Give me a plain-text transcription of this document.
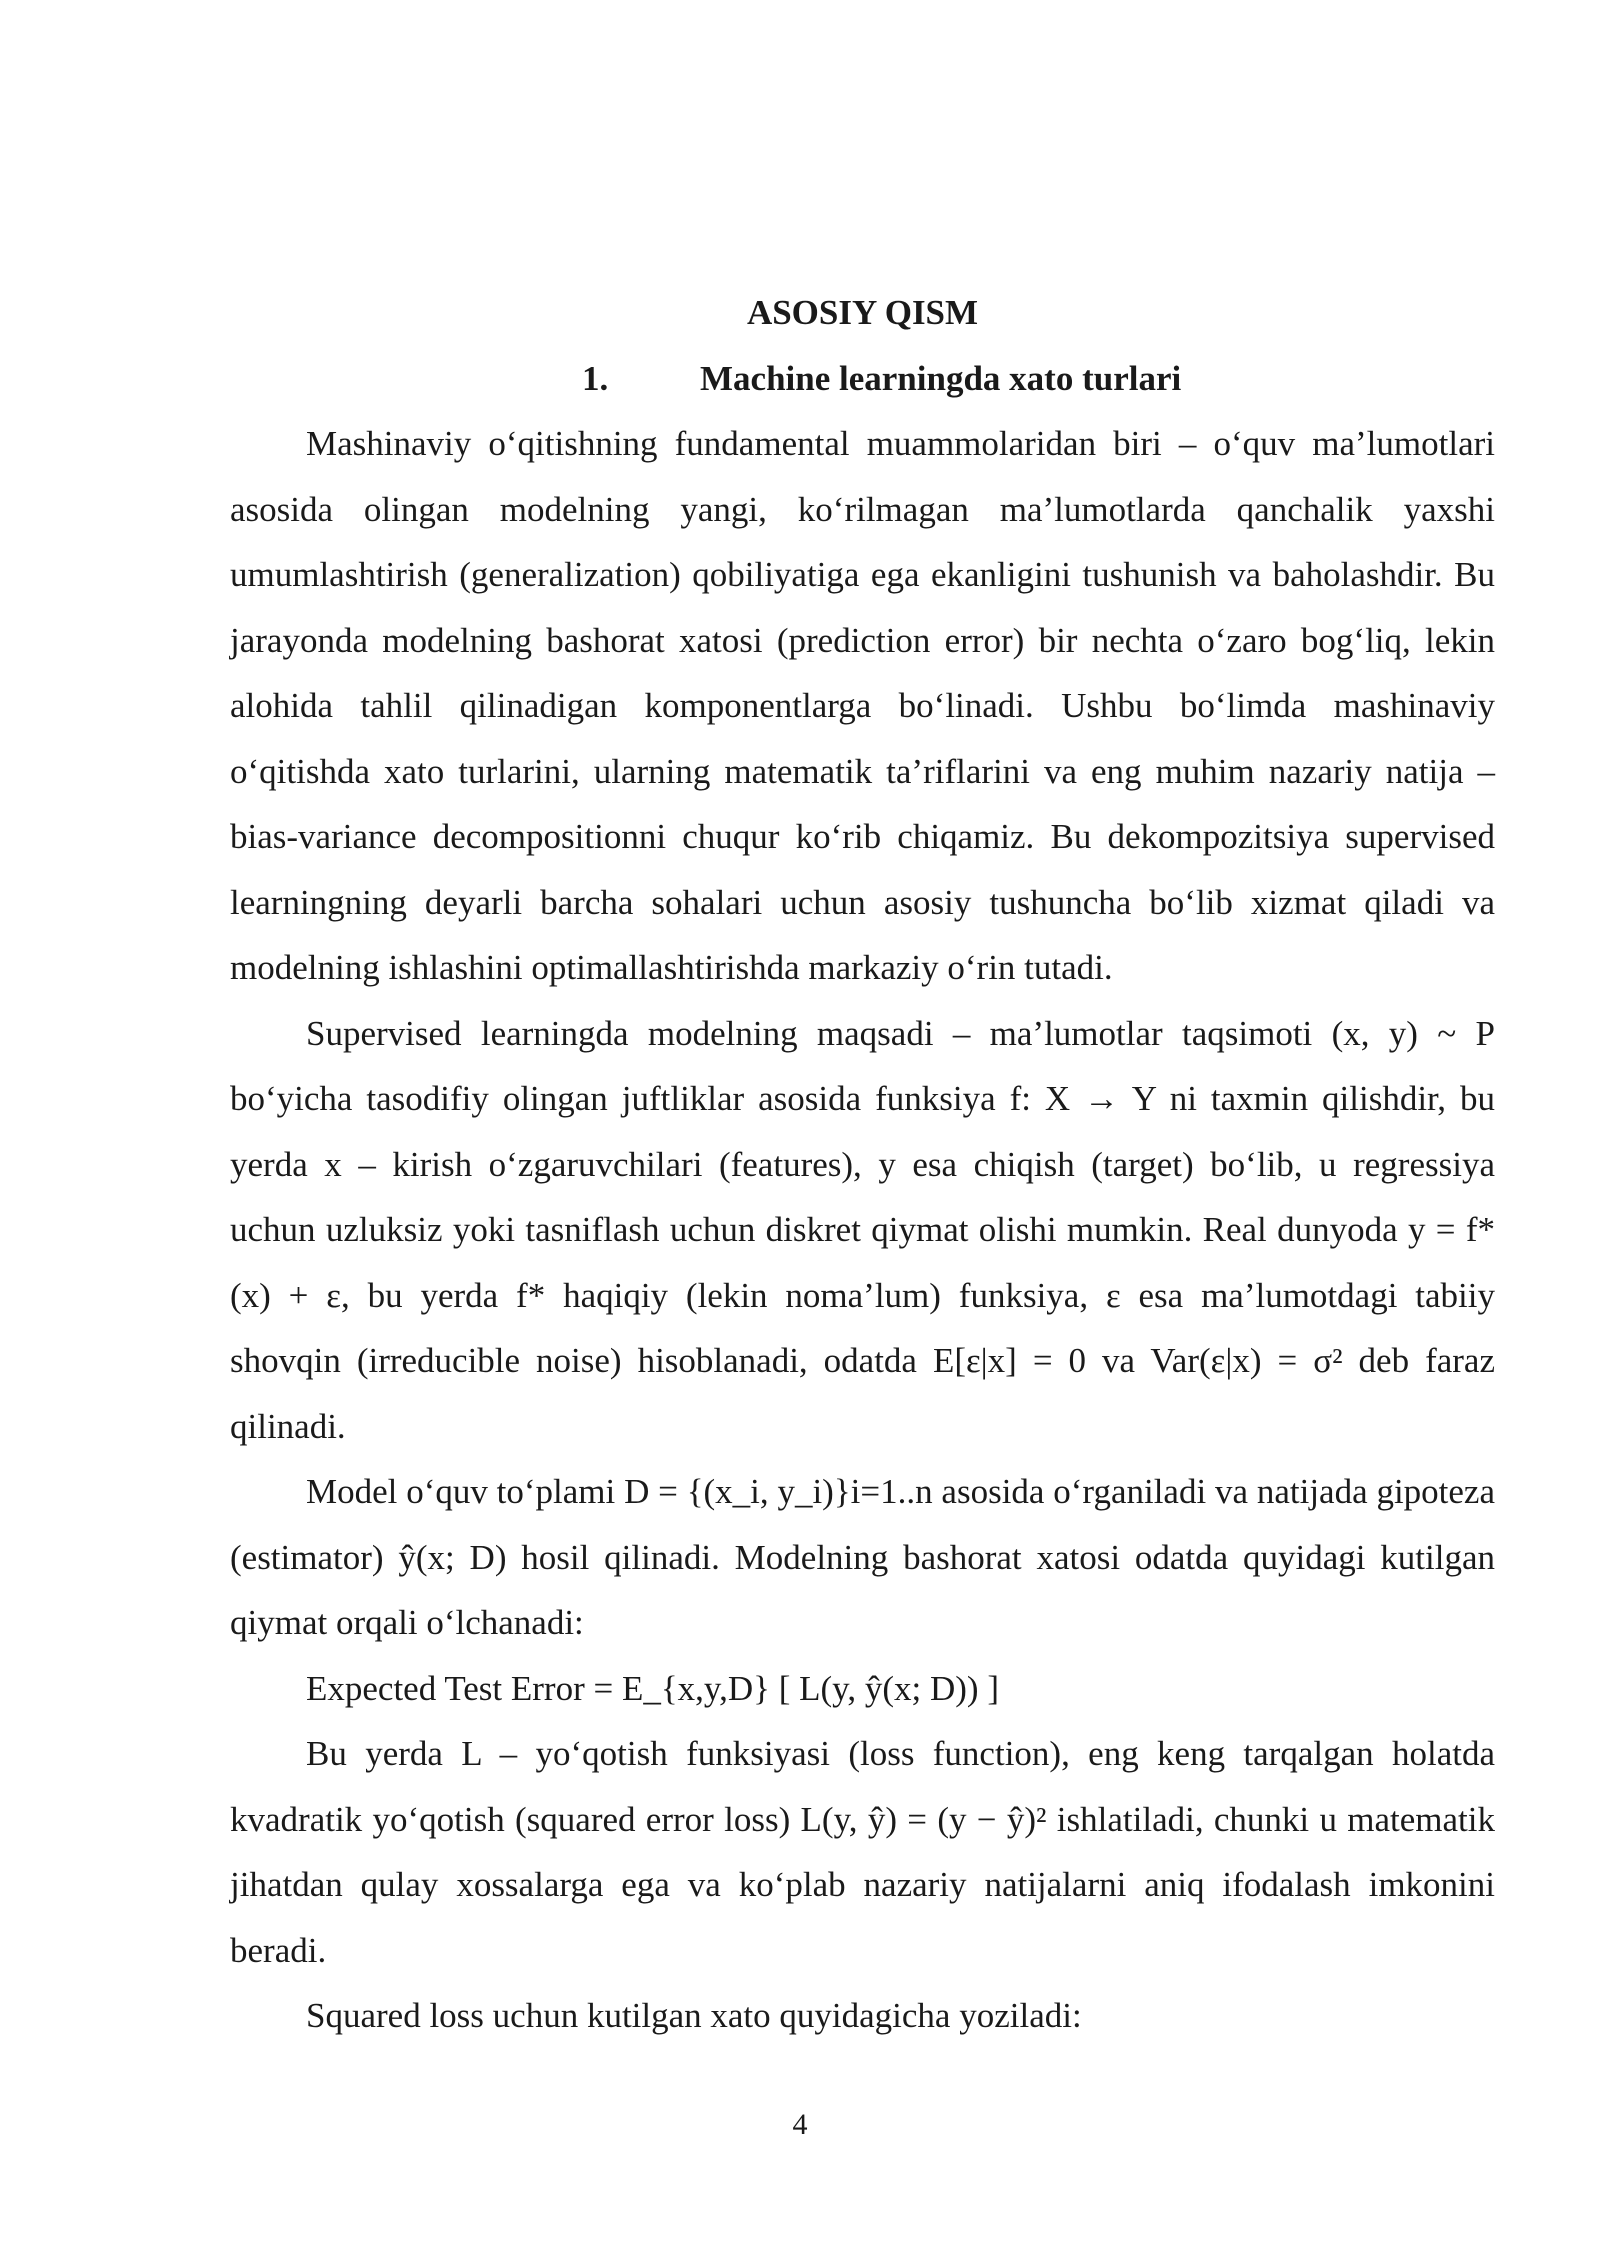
ASOSIY QISM
1.	Machine learningda xato turlari

Mashinaviy o‘qitishning fundamental muammolaridan biri – o‘quv ma’lumotlari asosida olingan modelning yangi, ko‘rilmagan ma’lumotlarda qanchalik yaxshi umumlashtirish (generalization) qobiliyatiga ega ekanligini tushunish va baholashdir. Bu jarayonda modelning bashorat xatosi (prediction error) bir nechta o‘zaro bog‘liq, lekin alohida tahlil qilinadigan komponentlarga bo‘linadi. Ushbu bo‘limda mashinaviy o‘qitishda xato turlarini, ularning matematik ta’riflarini va eng muhim nazariy natija – bias-variance decompositionni chuqur ko‘rib chiqamiz. Bu dekompozitsiya supervised learningning deyarli barcha sohalari uchun asosiy tushuncha bo‘lib xizmat qiladi va modelning ishlashini optimallashtirishda markaziy o‘rin tutadi.

Supervised learningda modelning maqsadi – ma’lumotlar taqsimoti (x, y) ~ P bo‘yicha tasodifiy olingan juftliklar asosida funksiya f: X → Y ni taxmin qilishdir, bu yerda x – kirish o‘zgaruvchilari (features), y esa chiqish (target) bo‘lib, u regressiya uchun uzluksiz yoki tasniflash uchun diskret qiymat olishi mumkin. Real dunyoda y = f*(x) + ε, bu yerda f* haqiqiy (lekin noma’lum) funksiya, ε esa ma’lumotdagi tabiiy shovqin (irreducible noise) hisoblanadi, odatda E[ε|x] = 0 va Var(ε|x) = σ² deb faraz qilinadi.

Model o‘quv to‘plami D = {(x_i, y_i)}i=1..n asosida o‘rganiladi va natijada gipoteza (estimator) ŷ(x; D) hosil qilinadi. Modelning bashorat xatosi odatda quyidagi kutilgan qiymat orqali o‘lchanadi:

Expected Test Error = E_{x,y,D} [ L(y, ŷ(x; D)) ]

Bu yerda L – yo‘qotish funksiyasi (loss function), eng keng tarqalgan holatda kvadratik yo‘qotish (squared error loss) L(y, ŷ) = (y − ŷ)² ishlatiladi, chunki u matematik jihatdan qulay xossalarga ega va ko‘plab nazariy natijalarni aniq ifodalash imkonini beradi.

Squared loss uchun kutilgan xato quyidagicha yoziladi:

4
